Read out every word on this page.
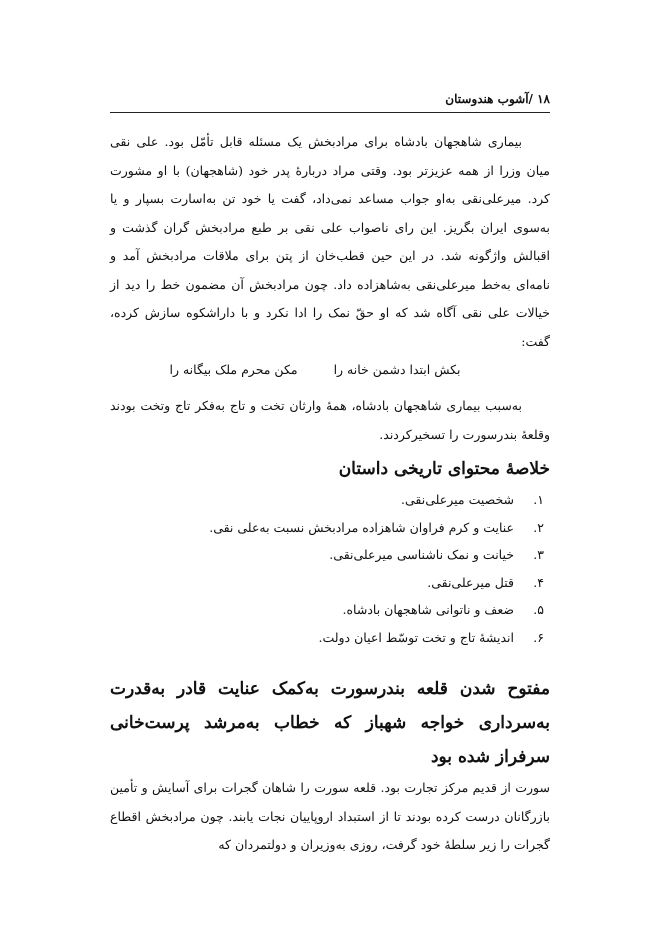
۱۸ /آشوب هندوستان

بیماری شاهجهان بادشاه برای مرادبخش یک مسئله قابل تأمّل بود. علی نقی میان وزرا از همه عزیزتر بود. وقتی مراد دربارهٔ پدر خود (شاهجهان) با او مشورت کرد. میرعلی‌نقی به‌او جواب مساعد نمی‌داد، گفت یا خود تن به‌اسارت بسپار و یا به‌سوی ایران بگریز. این رای ناصواب علی نقی بر طبع مرادبخش گران گذشت و اقبالش واژگونه شد. در این حین قطب‌خان از پتن برای ملاقات مرادبخش آمد و نامه‌ای به‌خط میرعلی‌نقی به‌شاهزاده داد. چون مرادبخش آن مضمون خط را دید از خیالات علی نقی آگاه شد که او حقّ نمک را ادا نکرد و با داراشکوه سازش کرده، گفت:

بکش ابتدا دشمن خانه را
مکن محرم ملک بیگانه را

به‌سبب بیماری شاهجهان بادشاه، همهٔ وارثان تخت و تاج به‌فکر تاج وتخت بودند وقلعهٔ بندرسورت را تسخیرکردند.

خلاصهٔ محتوای تاریخی داستان
۱.
شخصیت میرعلی‌نقی.
۲.
عنایت و کرم فراوان شاهزاده مرادبخش نسبت به‌علی نقی.
۳.
خیانت و نمک ناشناسی میرعلی‌نقی.
۴.
قتل میرعلی‌نقی.
۵.
ضعف و ناتوانی شاهجهان بادشاه.
۶.
اندیشهٔ تاج و تخت توسّط اعیان دولت.
مفتوح شدن قلعه بندرسورت به‌کمک عنایت قادر به‌قدرت به‌سرداری خواجه شهباز که خطاب به‌مرشد پرست‌خانی سرفراز شده بود

سورت از قدیم مرکز تجارت بود. قلعه سورت را شاهان گجرات برای آسایش و تأمین بازرگانان درست کرده بودند تا از استبداد اروپاییان نجات یابند. چون مرادبخش اقطاع گجرات را زیر سلطهٔ خود گرفت، روزی به‌وزیران و دولتمردان که
